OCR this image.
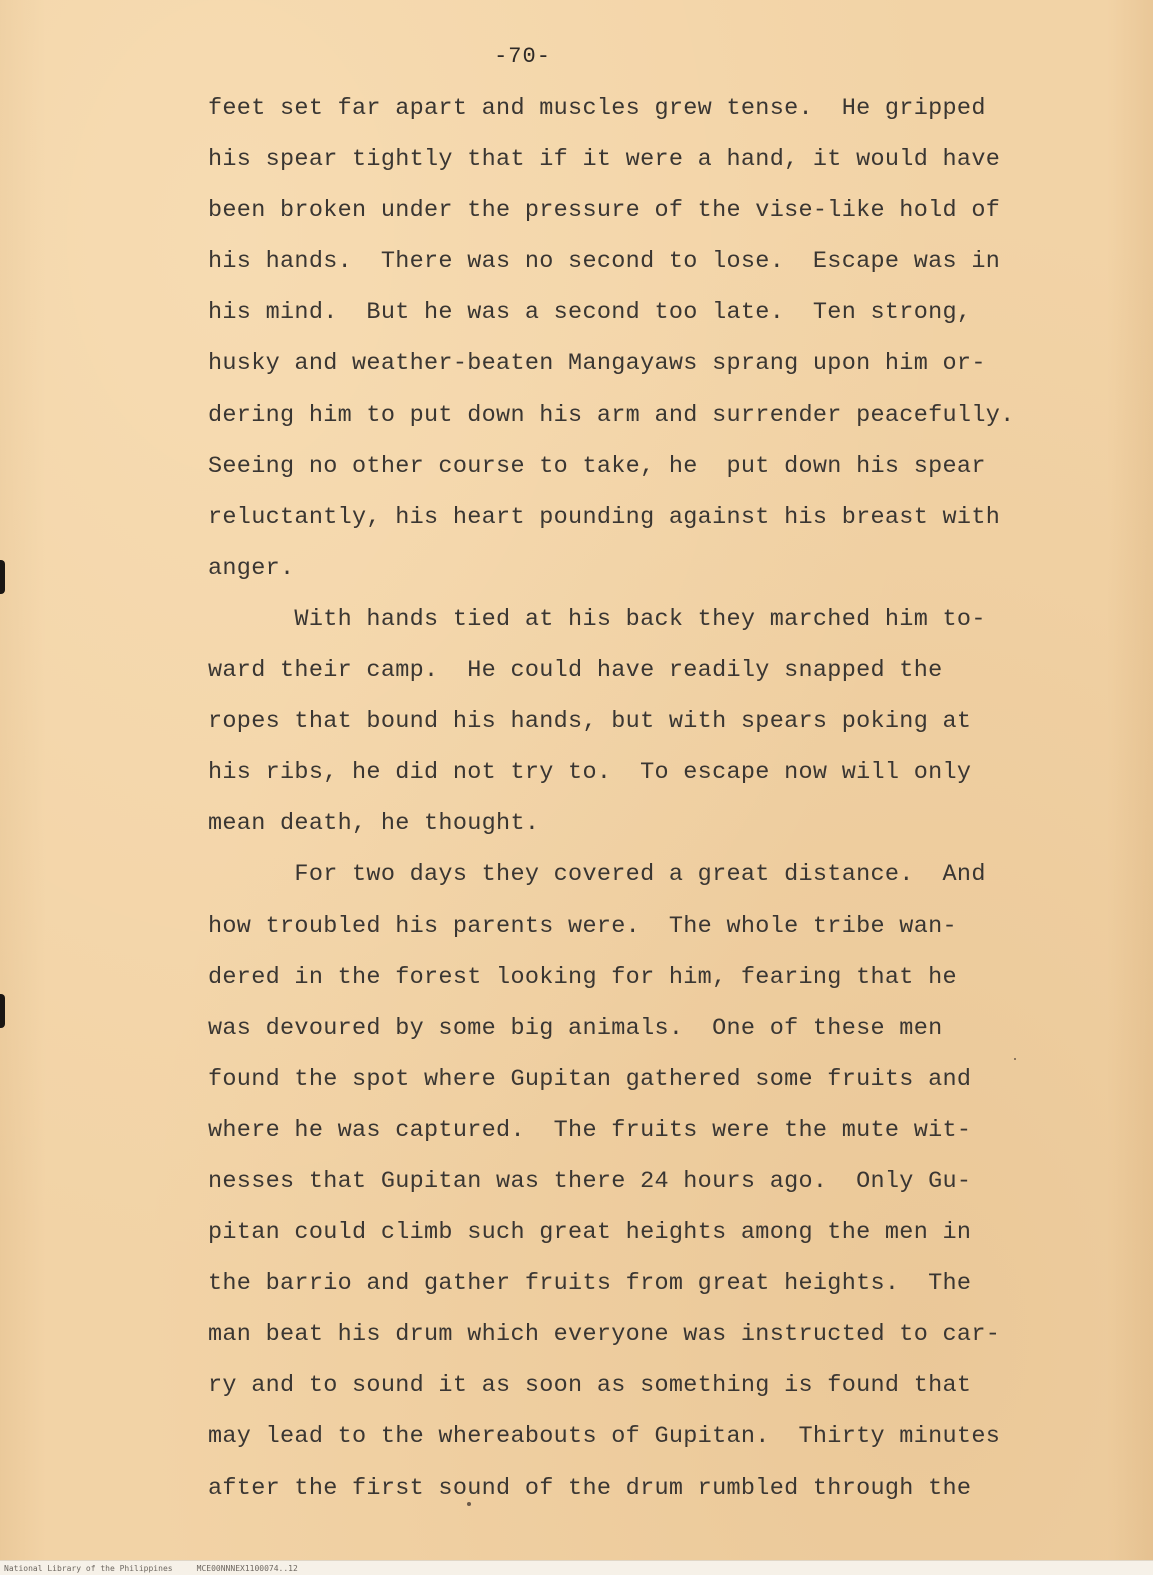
-70-
feet set far apart and muscles grew tense.  He gripped
his spear tightly that if it were a hand, it would have
been broken under the pressure of the vise-like hold of
his hands.  There was no second to lose.  Escape was in
his mind.  But he was a second too late.  Ten strong,
husky and weather-beaten Mangayaws sprang upon him or-
dering him to put down his arm and surrender peacefully.
Seeing no other course to take, he  put down his spear
reluctantly, his heart pounding against his breast with
anger.
With hands tied at his back they marched him to-
ward their camp.  He could have readily snapped the
ropes that bound his hands, but with spears poking at
his ribs, he did not try to.  To escape now will only
mean death, he thought.
For two days they covered a great distance.  And
how troubled his parents were.  The whole tribe wan-
dered in the forest looking for him, fearing that he
was devoured by some big animals.  One of these men
found the spot where Gupitan gathered some fruits and
where he was captured.  The fruits were the mute wit-
nesses that Gupitan was there 24 hours ago.  Only Gu-
pitan could climb such great heights among the men in
the barrio and gather fruits from great heights.  The
man beat his drum which everyone was instructed to car-
ry and to sound it as soon as something is found that
may lead to the whereabouts of Gupitan.  Thirty minutes
after the first sound of the drum rumbled through the
National Library of the Philippines     MCE00NNNEX1100074..12
